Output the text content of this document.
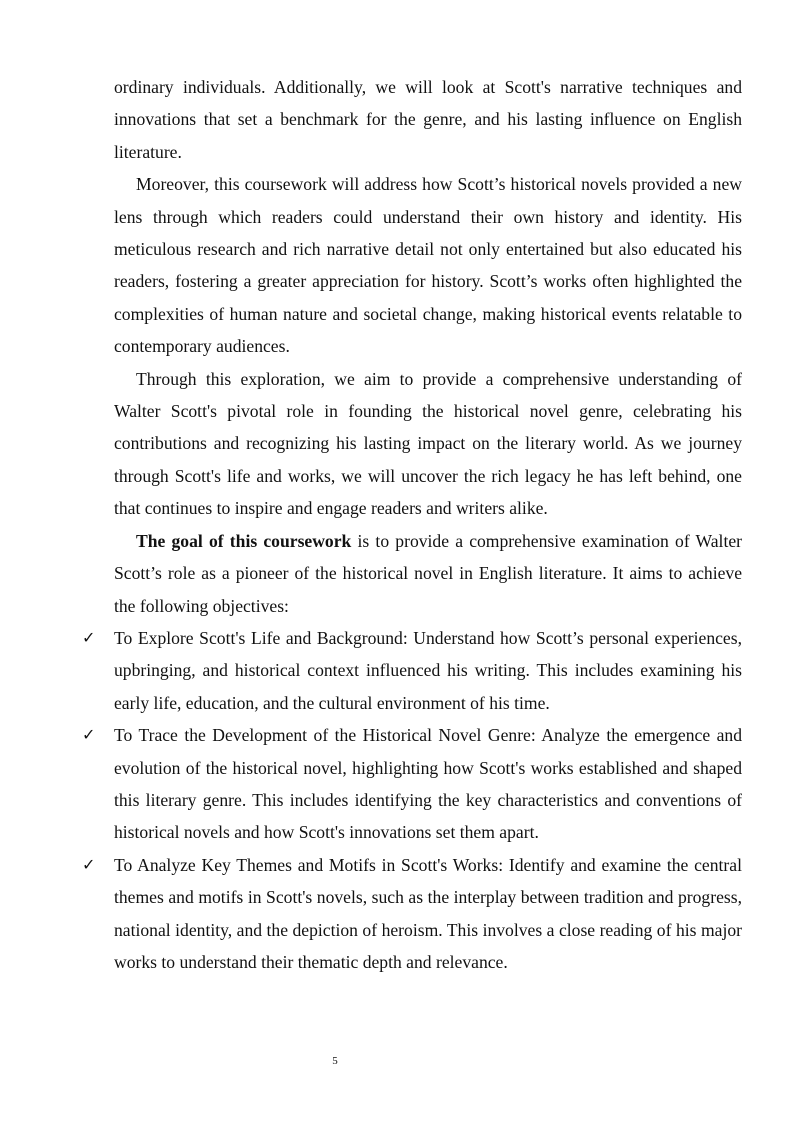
ordinary individuals. Additionally, we will look at Scott's narrative techniques and innovations that set a benchmark for the genre, and his lasting influence on English literature.

Moreover, this coursework will address how Scott’s historical novels provided a new lens through which readers could understand their own history and identity. His meticulous research and rich narrative detail not only entertained but also educated his readers, fostering a greater appreciation for history. Scott’s works often highlighted the complexities of human nature and societal change, making historical events relatable to contemporary audiences.

Through this exploration, we aim to provide a comprehensive understanding of Walter Scott's pivotal role in founding the historical novel genre, celebrating his contributions and recognizing his lasting impact on the literary world. As we journey through Scott's life and works, we will uncover the rich legacy he has left behind, one that continues to inspire and engage readers and writers alike.

The goal of this coursework is to provide a comprehensive examination of Walter Scott’s role as a pioneer of the historical novel in English literature. It aims to achieve the following objectives:

✓ To Explore Scott's Life and Background: Understand how Scott’s personal experiences, upbringing, and historical context influenced his writing. This includes examining his early life, education, and the cultural environment of his time.
✓ To Trace the Development of the Historical Novel Genre: Analyze the emergence and evolution of the historical novel, highlighting how Scott's works established and shaped this literary genre. This includes identifying the key characteristics and conventions of historical novels and how Scott's innovations set them apart.
✓ To Analyze Key Themes and Motifs in Scott's Works: Identify and examine the central themes and motifs in Scott's novels, such as the interplay between tradition and progress, national identity, and the depiction of heroism. This involves a close reading of his major works to understand their thematic depth and relevance.
5
